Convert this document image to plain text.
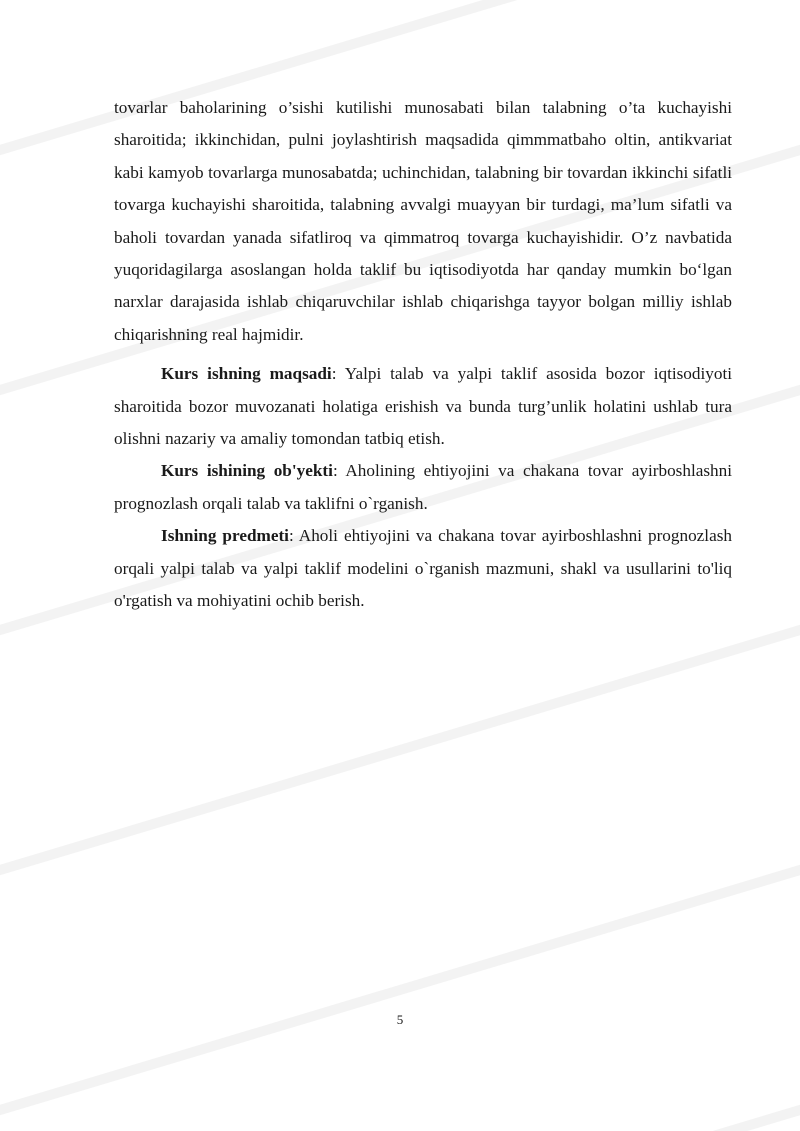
tovarlar baholarining o’sishi kutilishi munosabati bilan talabning o’ta kuchayishi sharoitida; ikkinchidan, pulni joylashtirish maqsadida qimmmatbaho oltin, antikvariat kabi kamyob tovarlarga munosabatda; uchinchidan, talabning bir tovardan ikkinchi sifatli tovarga kuchayishi sharoitida, talabning avvalgi muayyan bir turdagi, ma’lum sifatli va baholi tovardan yanada sifatliroq va qimmatroq tovarga kuchayishidir. O’z navbatida yuqoridagilarga asoslangan holda taklif bu iqtisodiyotda har qanday mumkin bo‘lgan narxlar darajasida ishlab chiqaruvchilar ishlab chiqarishga tayyor bolgan milliy ishlab chiqarishning real hajmidir.

Kurs ishning maqsadi: Yalpi talab va yalpi taklif asosida bozor iqtisodiyoti sharoitida bozor muvozanati holatiga erishish va bunda turg’unlik holatini ushlab tura olishni nazariy va amaliy tomondan tatbiq etish.

Kurs ishining ob'yekti: Aholining ehtiyojini va chakana tovar ayirboshlashni prognozlash orqali talab va taklifni o`rganish.

Ishning predmeti: Aholi ehtiyojini va chakana tovar ayirboshlashni prognozlash orqali yalpi talab va yalpi taklif modelini o`rganish mazmuni, shakl va usullarini to'liq o'rgatish va mohiyatini ochib berish.

5
